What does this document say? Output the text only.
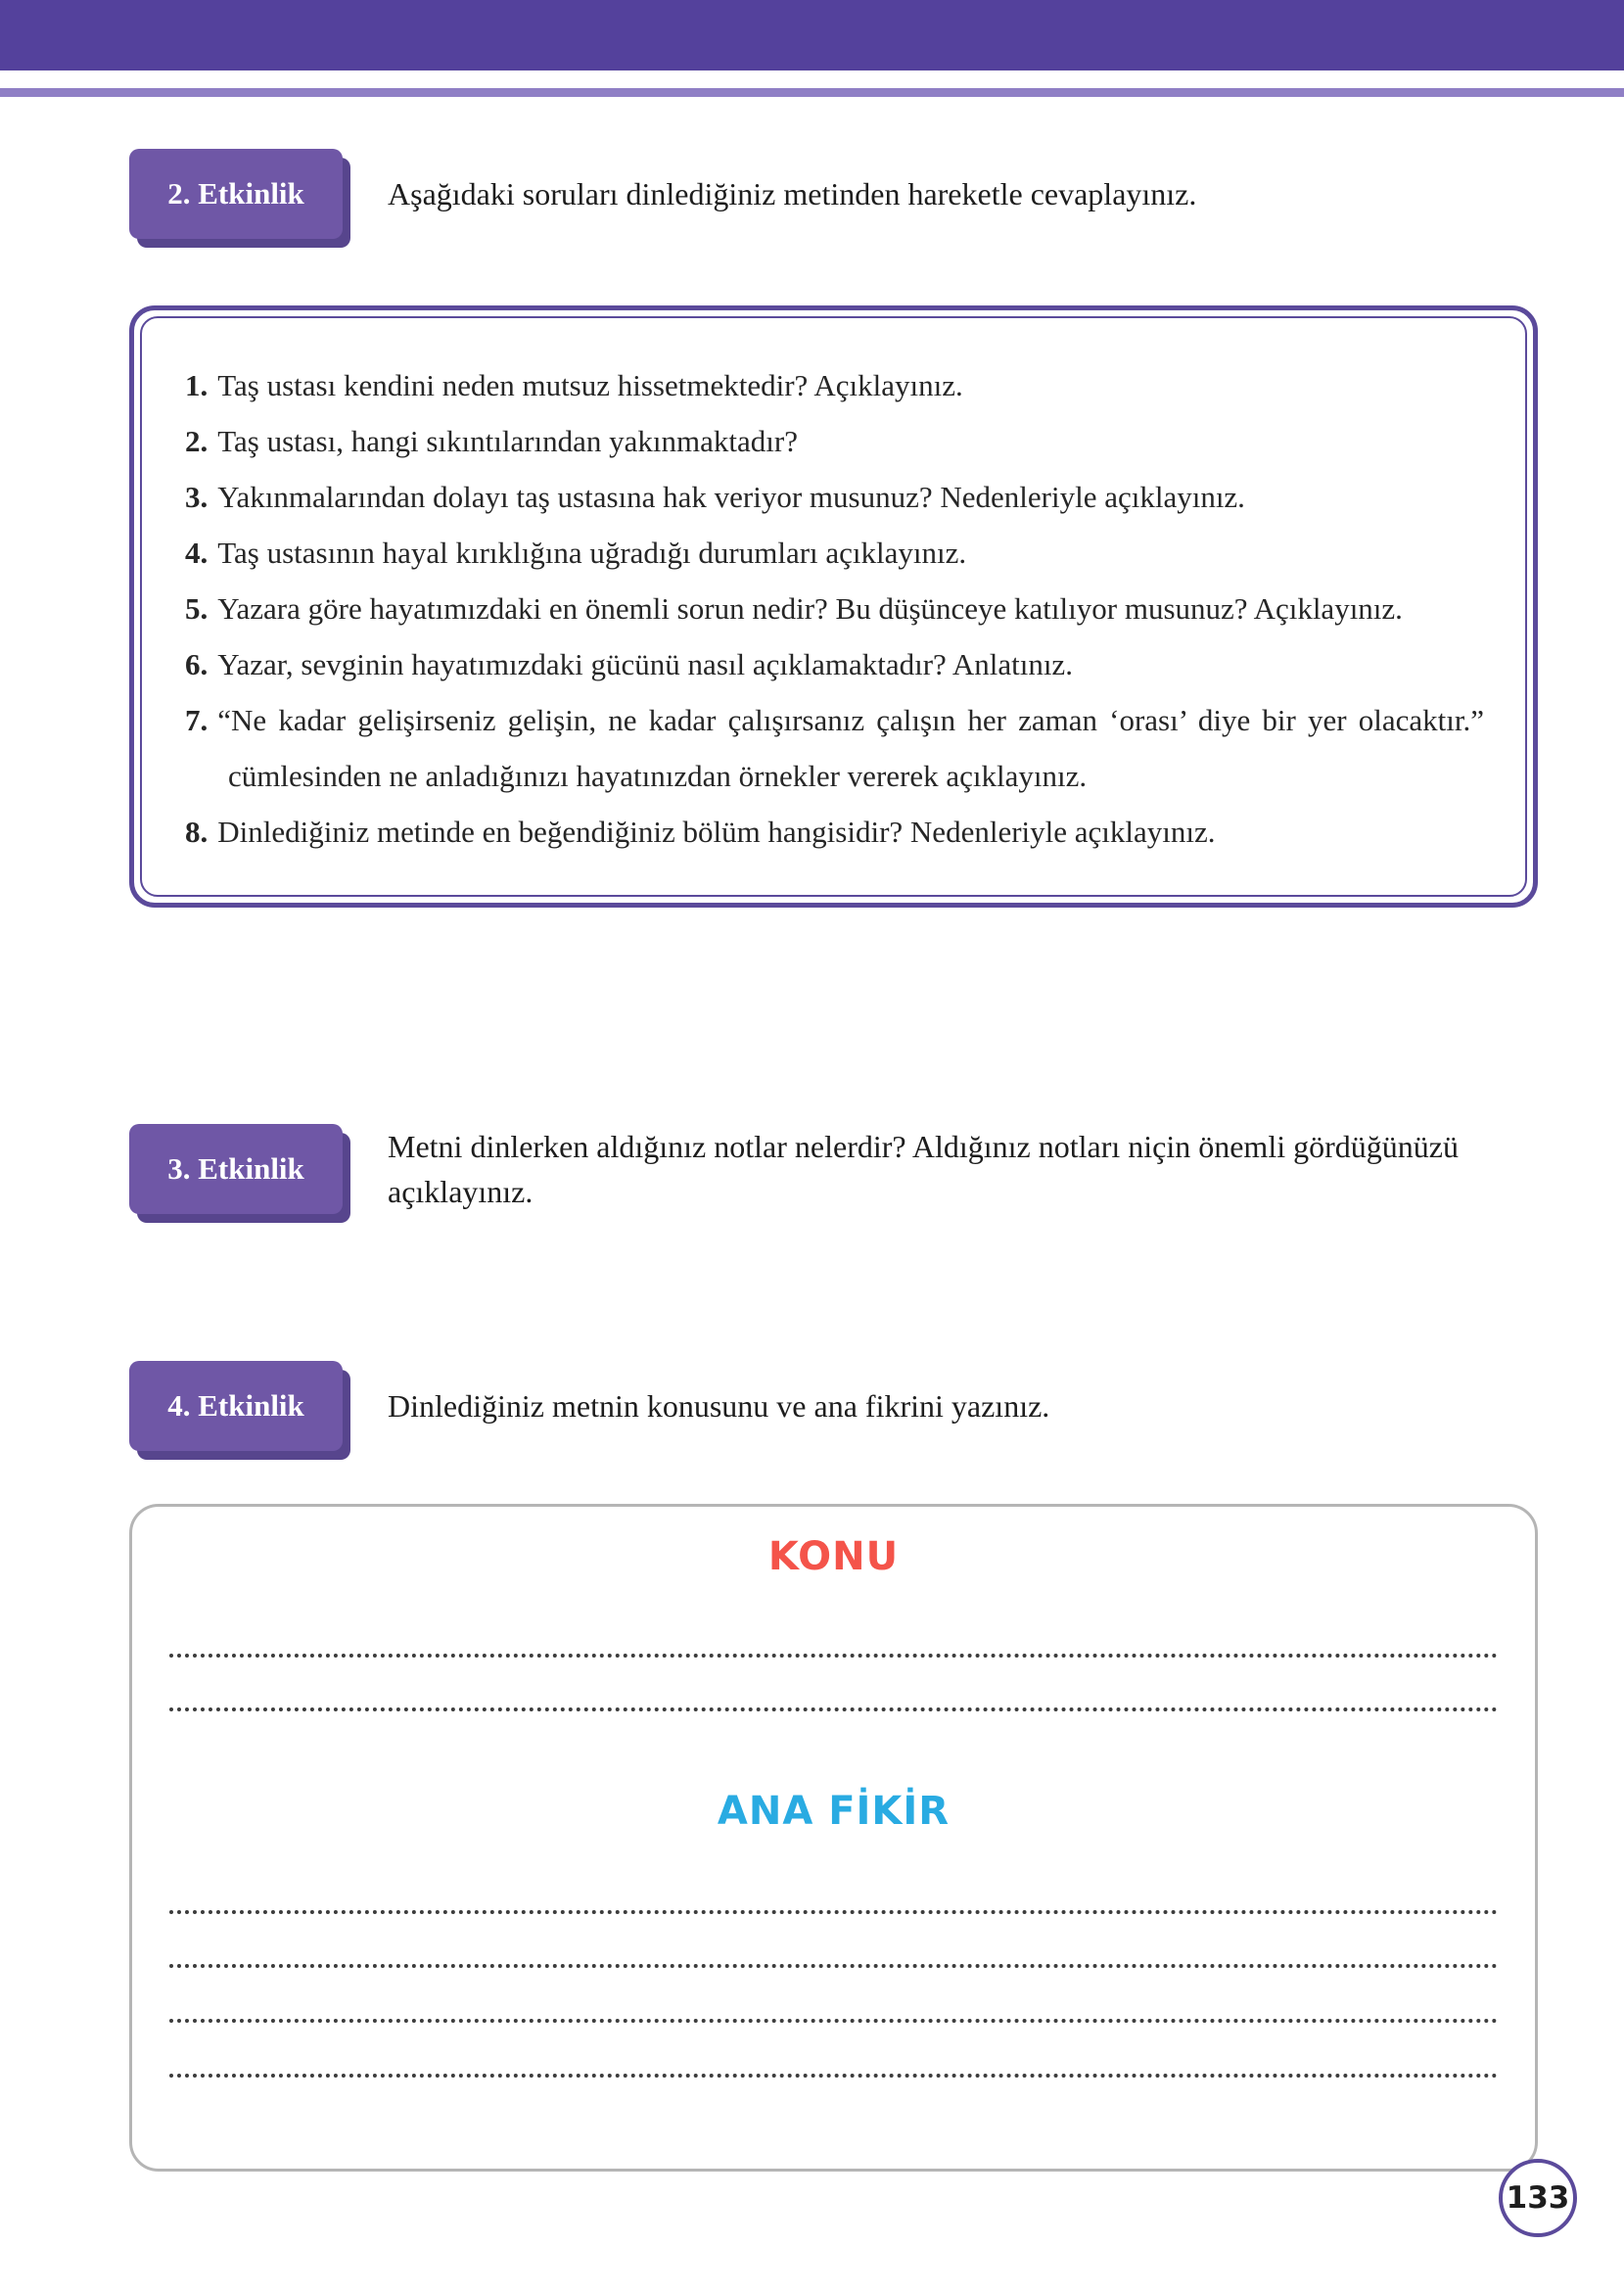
2. Etkinlik	Aşağıdaki soruları dinlediğiniz metinden hareketle cevaplayınız.
1. Taş ustası kendini neden mutsuz hissetmektedir? Açıklayınız.
2. Taş ustası, hangi sıkıntılarından yakınmaktadır?
3. Yakınmalarından dolayı taş ustasına hak veriyor musunuz? Nedenleriyle açıklayınız.
4. Taş ustasının hayal kırıklığına uğradığı durumları açıklayınız.
5. Yazara göre hayatımızdaki en önemli sorun nedir? Bu düşünceye katılıyor musunuz? Açıklayınız.
6. Yazar, sevginin hayatımızdaki gücünü nasıl açıklamaktadır? Anlatınız.
7. “Ne kadar gelişirseniz gelişin, ne kadar çalışırsanız çalışın her zaman ‘orası’ diye bir yer olacaktır.” cümlesinden ne anladığınızı hayatınızdan örnekler vererek açıklayınız.
8. Dinlediğiniz metinde en beğendiğiniz bölüm hangisidir? Nedenleriyle açıklayınız.
3. Etkinlik
Metni dinlerken aldığınız notlar nelerdir? Aldığınız notları niçin önemli gördüğünüzü açıklayınız.
4. Etkinlik	Dinlediğiniz metnin konusunu ve ana fikrini yazınız.
KONU
ANA FİKİR
133
